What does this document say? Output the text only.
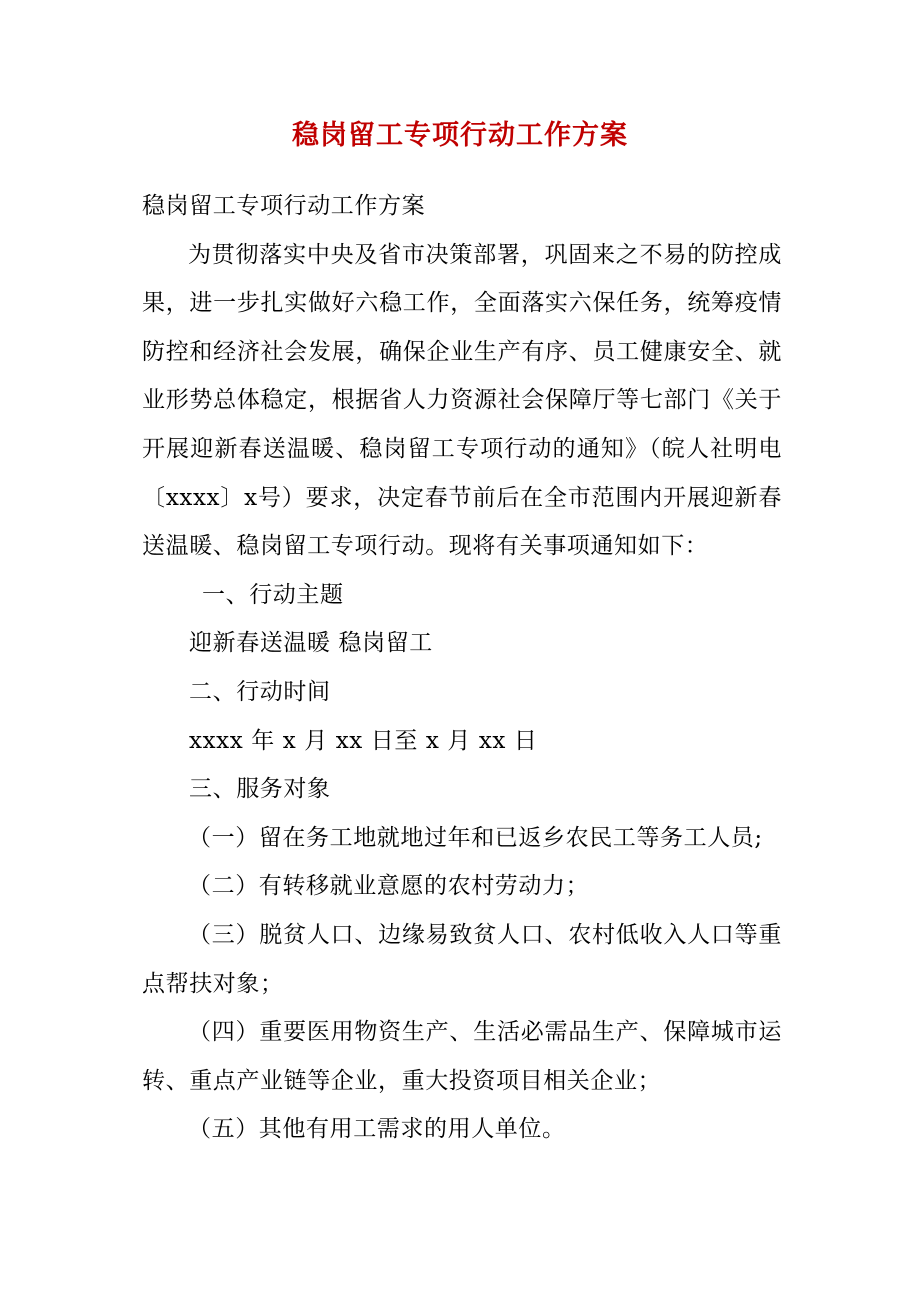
稳岗留工专项行动工作方案

稳岗留工专项行动工作方案

为贯彻落实中央及省市决策部署，巩固来之不易的防控成果，进一步扎实做好六稳工作，全面落实六保任务，统筹疫情防控和经济社会发展，确保企业生产有序、员工健康安全、就业形势总体稳定，根据省人力资源社会保障厅等七部门《关于开展迎新春送温暖、稳岗留工专项行动的通知》（皖人社明电〔xxxx〕x号）要求，决定春节前后在全市范围内开展迎新春送温暖、稳岗留工专项行动。现将有关事项通知如下：

一、行动主题

迎新春送温暖 稳岗留工

二、行动时间

xxxx 年 x 月 xx 日至 x 月 xx 日

三、服务对象

（一）留在务工地就地过年和已返乡农民工等务工人员;

（二）有转移就业意愿的农村劳动力；

（三）脱贫人口、边缘易致贫人口、农村低收入人口等重点帮扶对象；

（四）重要医用物资生产、生活必需品生产、保障城市运转、重点产业链等企业，重大投资项目相关企业；

（五）其他有用工需求的用人单位。
